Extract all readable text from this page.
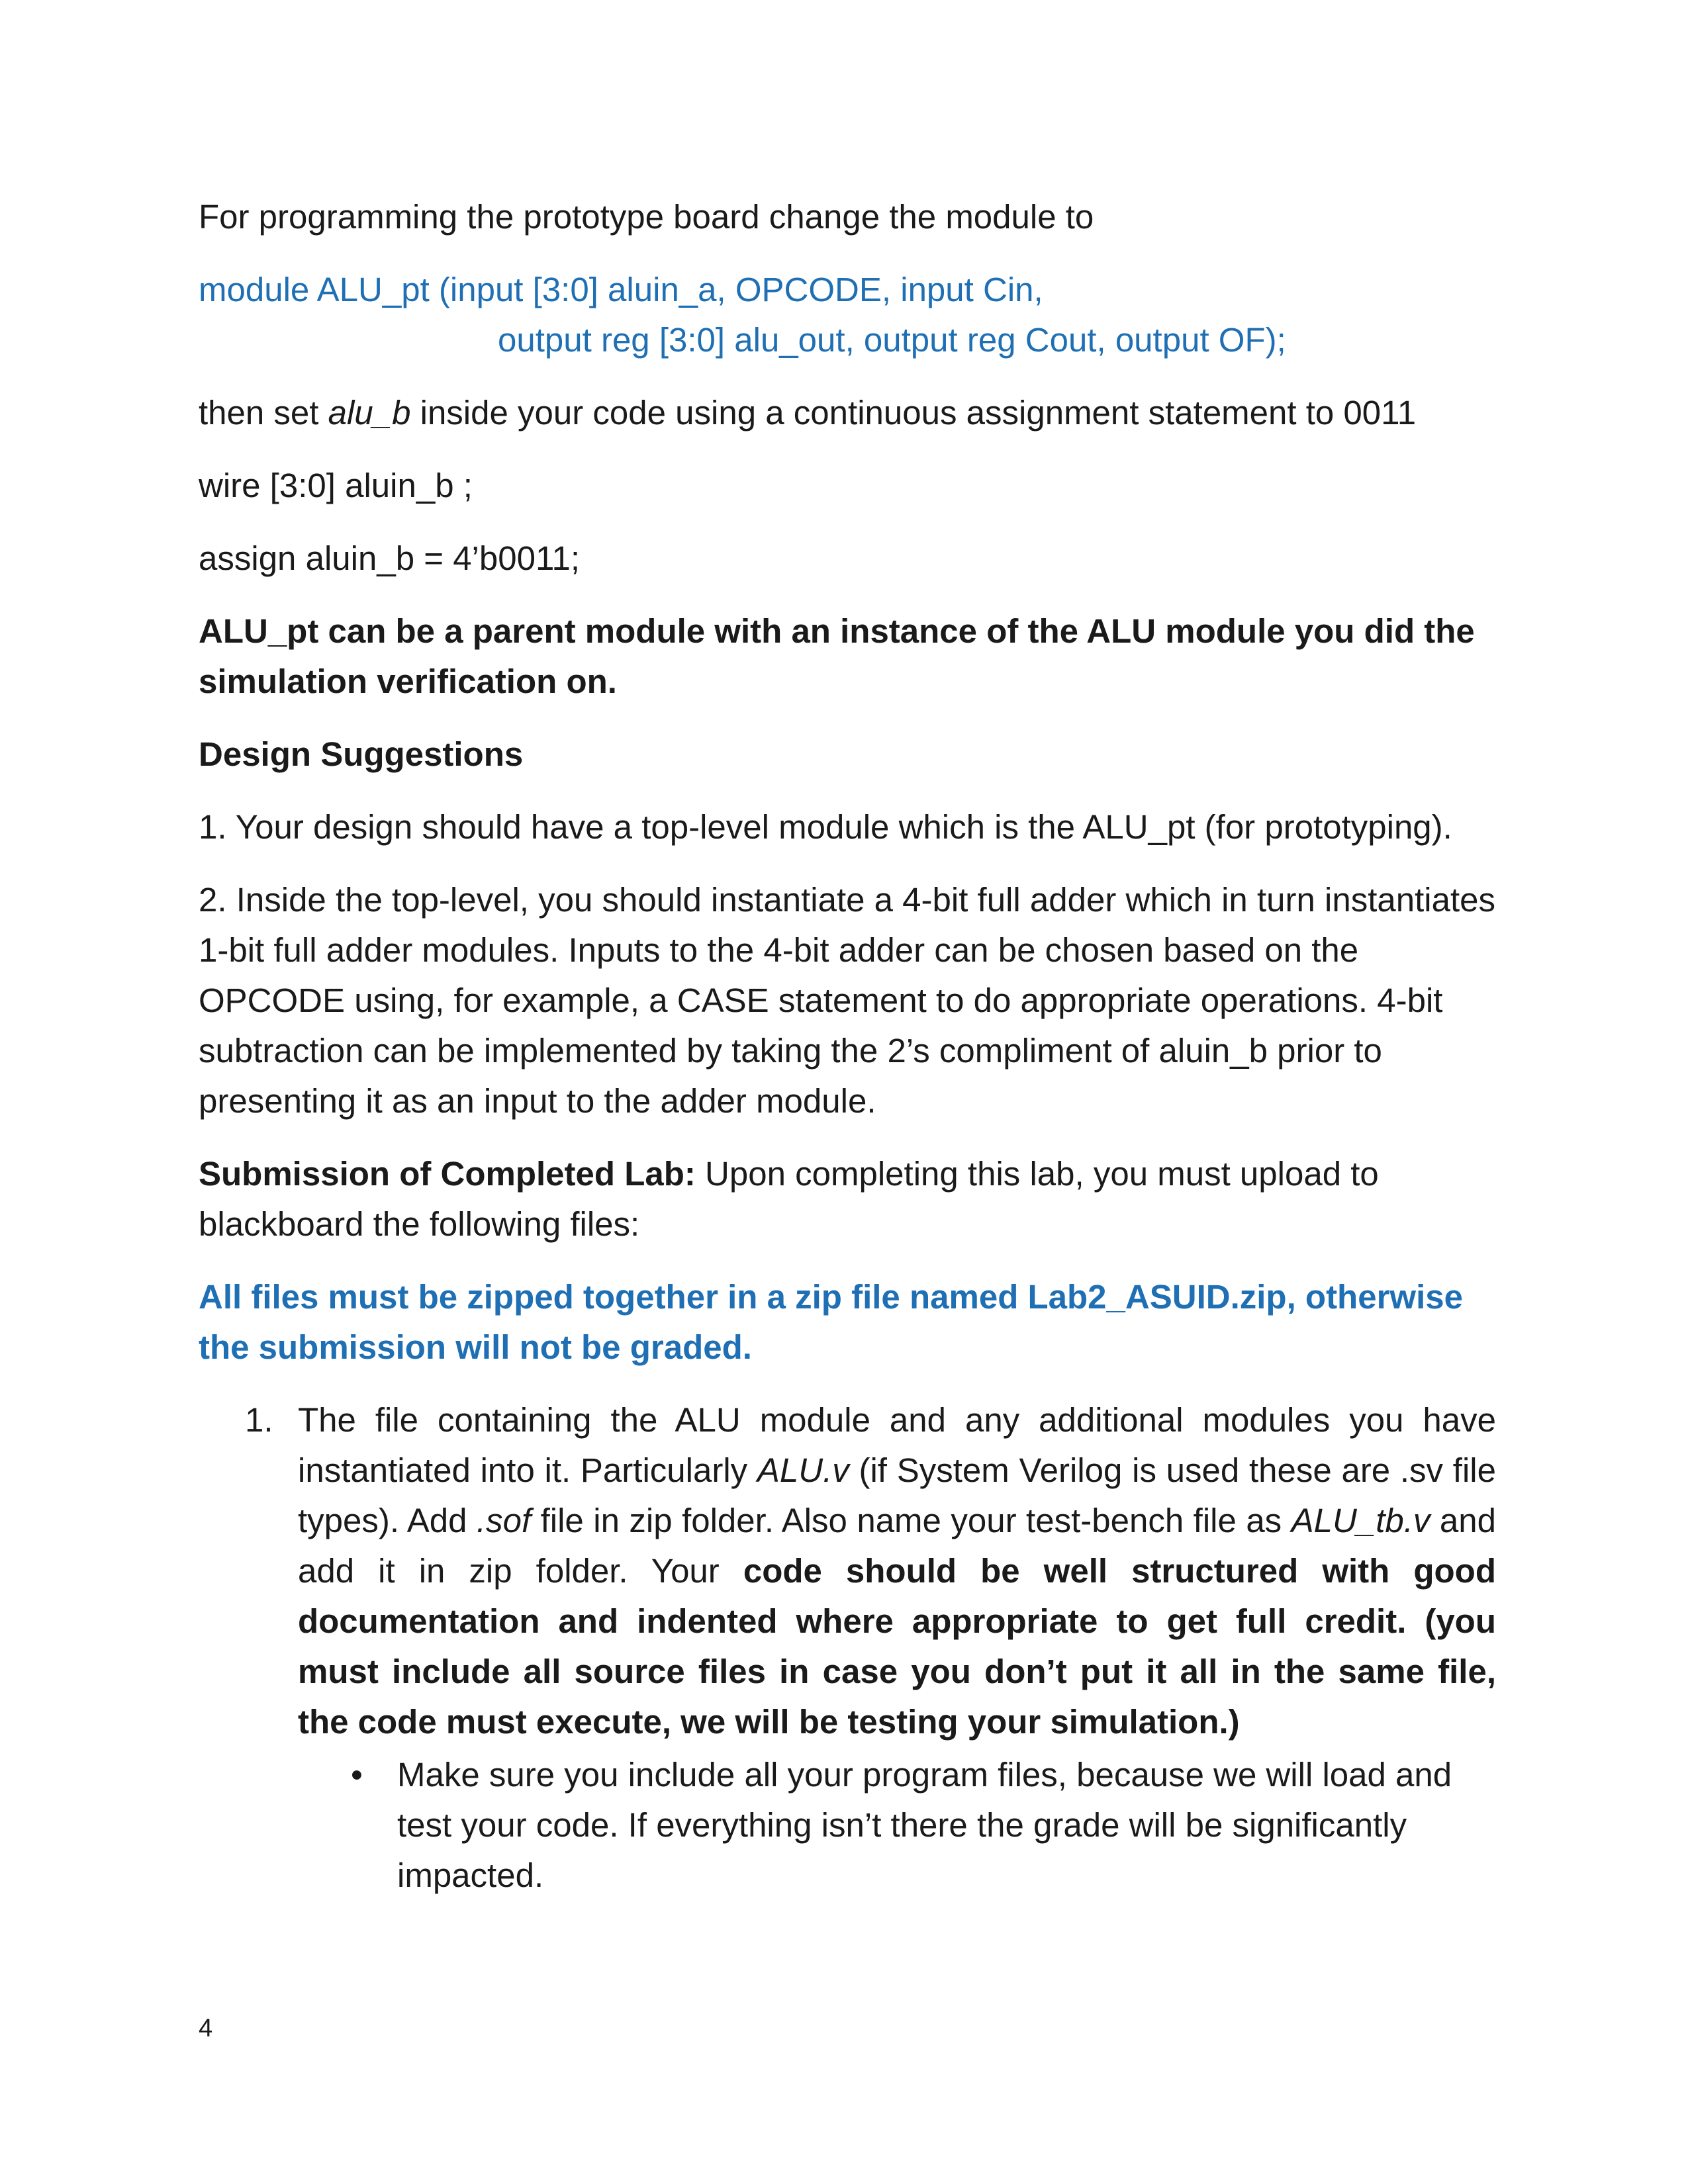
For programming the prototype board change the module to

module ALU_pt (input [3:0] aluin_a, OPCODE, input Cin,
output reg [3:0] alu_out, output reg Cout, output OF);

then set alu_b inside your code using a continuous assignment statement to 0011

wire [3:0] aluin_b ;

assign aluin_b = 4’b0011;

ALU_pt can be a parent module with an instance of the ALU module you did the simulation verification on.

Design Suggestions

1. Your design should have a top-level module which is the ALU_pt (for prototyping).

2. Inside the top-level, you should instantiate a 4-bit full adder which in turn instantiates 1-bit full adder modules. Inputs to the 4-bit adder can be chosen based on the OPCODE using, for example, a CASE statement to do appropriate operations. 4-bit subtraction can be implemented by taking the 2’s compliment of aluin_b prior to presenting it as an input to the adder module.

Submission of Completed Lab: Upon completing this lab, you must upload to blackboard the following files:

All files must be zipped together in a zip file named Lab2_ASUID.zip, otherwise the submission will not be graded.

1. The file containing the ALU module and any additional modules you have instantiated into it. Particularly ALU.v (if System Verilog is used these are .sv file types). Add .sof file in zip folder. Also name your test-bench file as ALU_tb.v and add it in zip folder. Your code should be well structured with good documentation and indented where appropriate to get full credit. (you must include all source files in case you don’t put it all in the same file, the code must execute, we will be testing your simulation.)
• Make sure you include all your program files, because we will load and test your code. If everything isn’t there the grade will be significantly impacted.
4
